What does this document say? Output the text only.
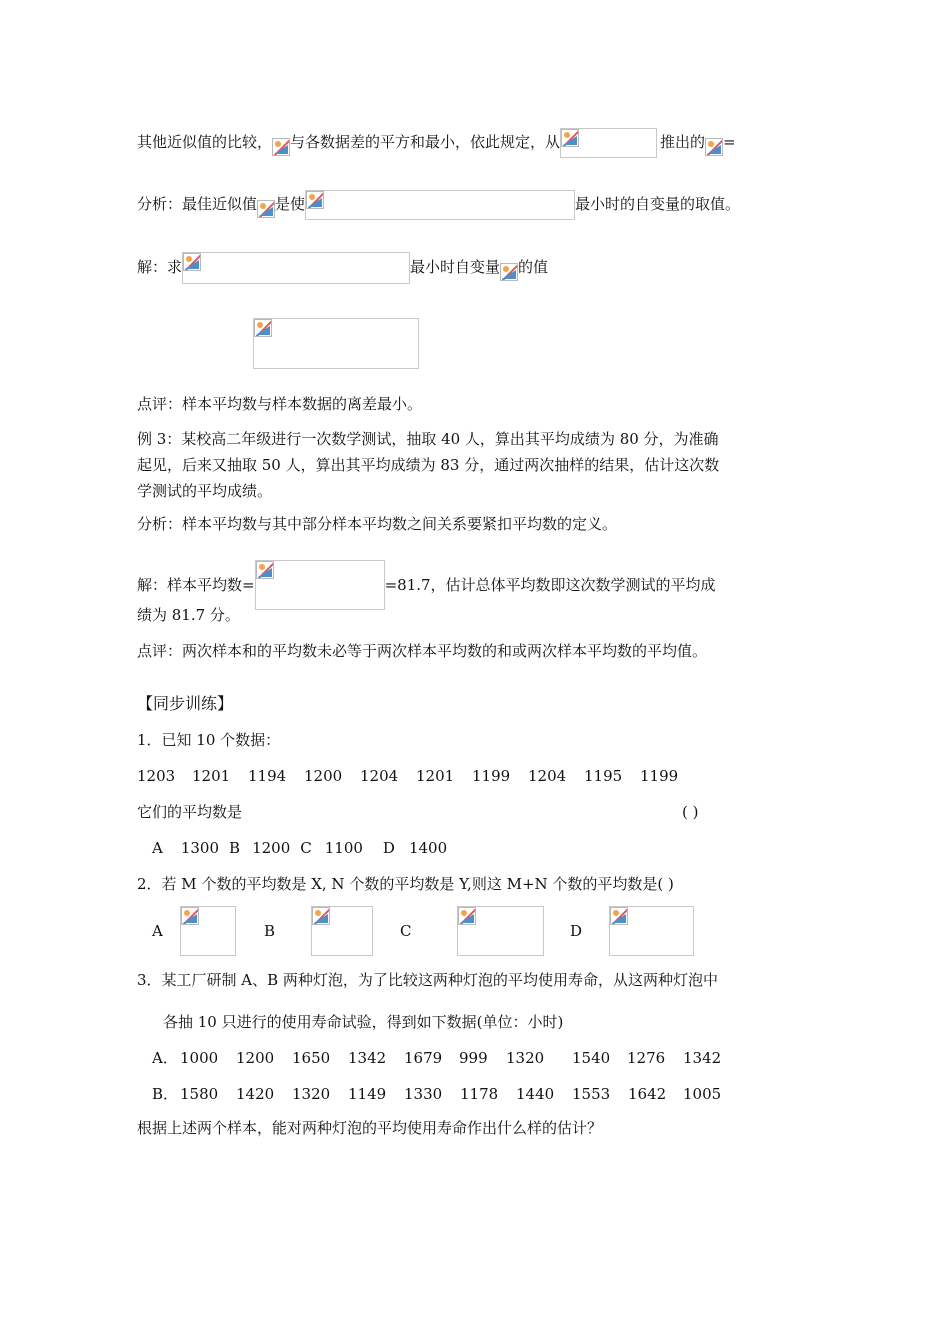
其他近似值的比较， 与各数据差的平方和最小，依此规定，从	推出的 =
分析：最佳近似值 是使	最小时的自变量的取值。
解：求	最小时自变量 的值
点评：样本平均数与样本数据的离差最小。
例 3：某校高二年级进行一次数学测试，抽取 40 人，算出其平均成绩为 80 分，为准确
起见，后来又抽取 50 人，算出其平均成绩为 83 分，通过两次抽样的结果，估计这次数
学测试的平均成绩。
分析：样本平均数与其中部分样本平均数之间关系要紧扣平均数的定义。
解：样本平均数=	=81.7，估计总体平均数即这次数学测试的平均成
绩为 81.7 分。
点评：两次样本和的平均数未必等于两次样本平均数的和或两次样本平均数的平均值。
【同步训练】
1．已知 10 个数据：
1203 1201 1194 1200 1204 1201 1199 1204 1195 1199
它们的平均数是	( )
A 1300 B 1200 C 1100 D 1400
2．若 M 个数的平均数是 X, N 个数的平均数是 Y,则这 M+N 个数的平均数是( )
A	B	C	D
3．某工厂研制 A、B 两种灯泡，为了比较这两种灯泡的平均使用寿命，从这两种灯泡中
各抽 10 只进行的使用寿命试验，得到如下数据(单位：小时)
A． 1000 1200 1650 1342 1679 999 1320 1540 1276 1342
B． 1580 1420 1320 1149 1330 1178 1440 1553 1642 1005
根据上述两个样本，能对两种灯泡的平均使用寿命作出什么样的估计？
